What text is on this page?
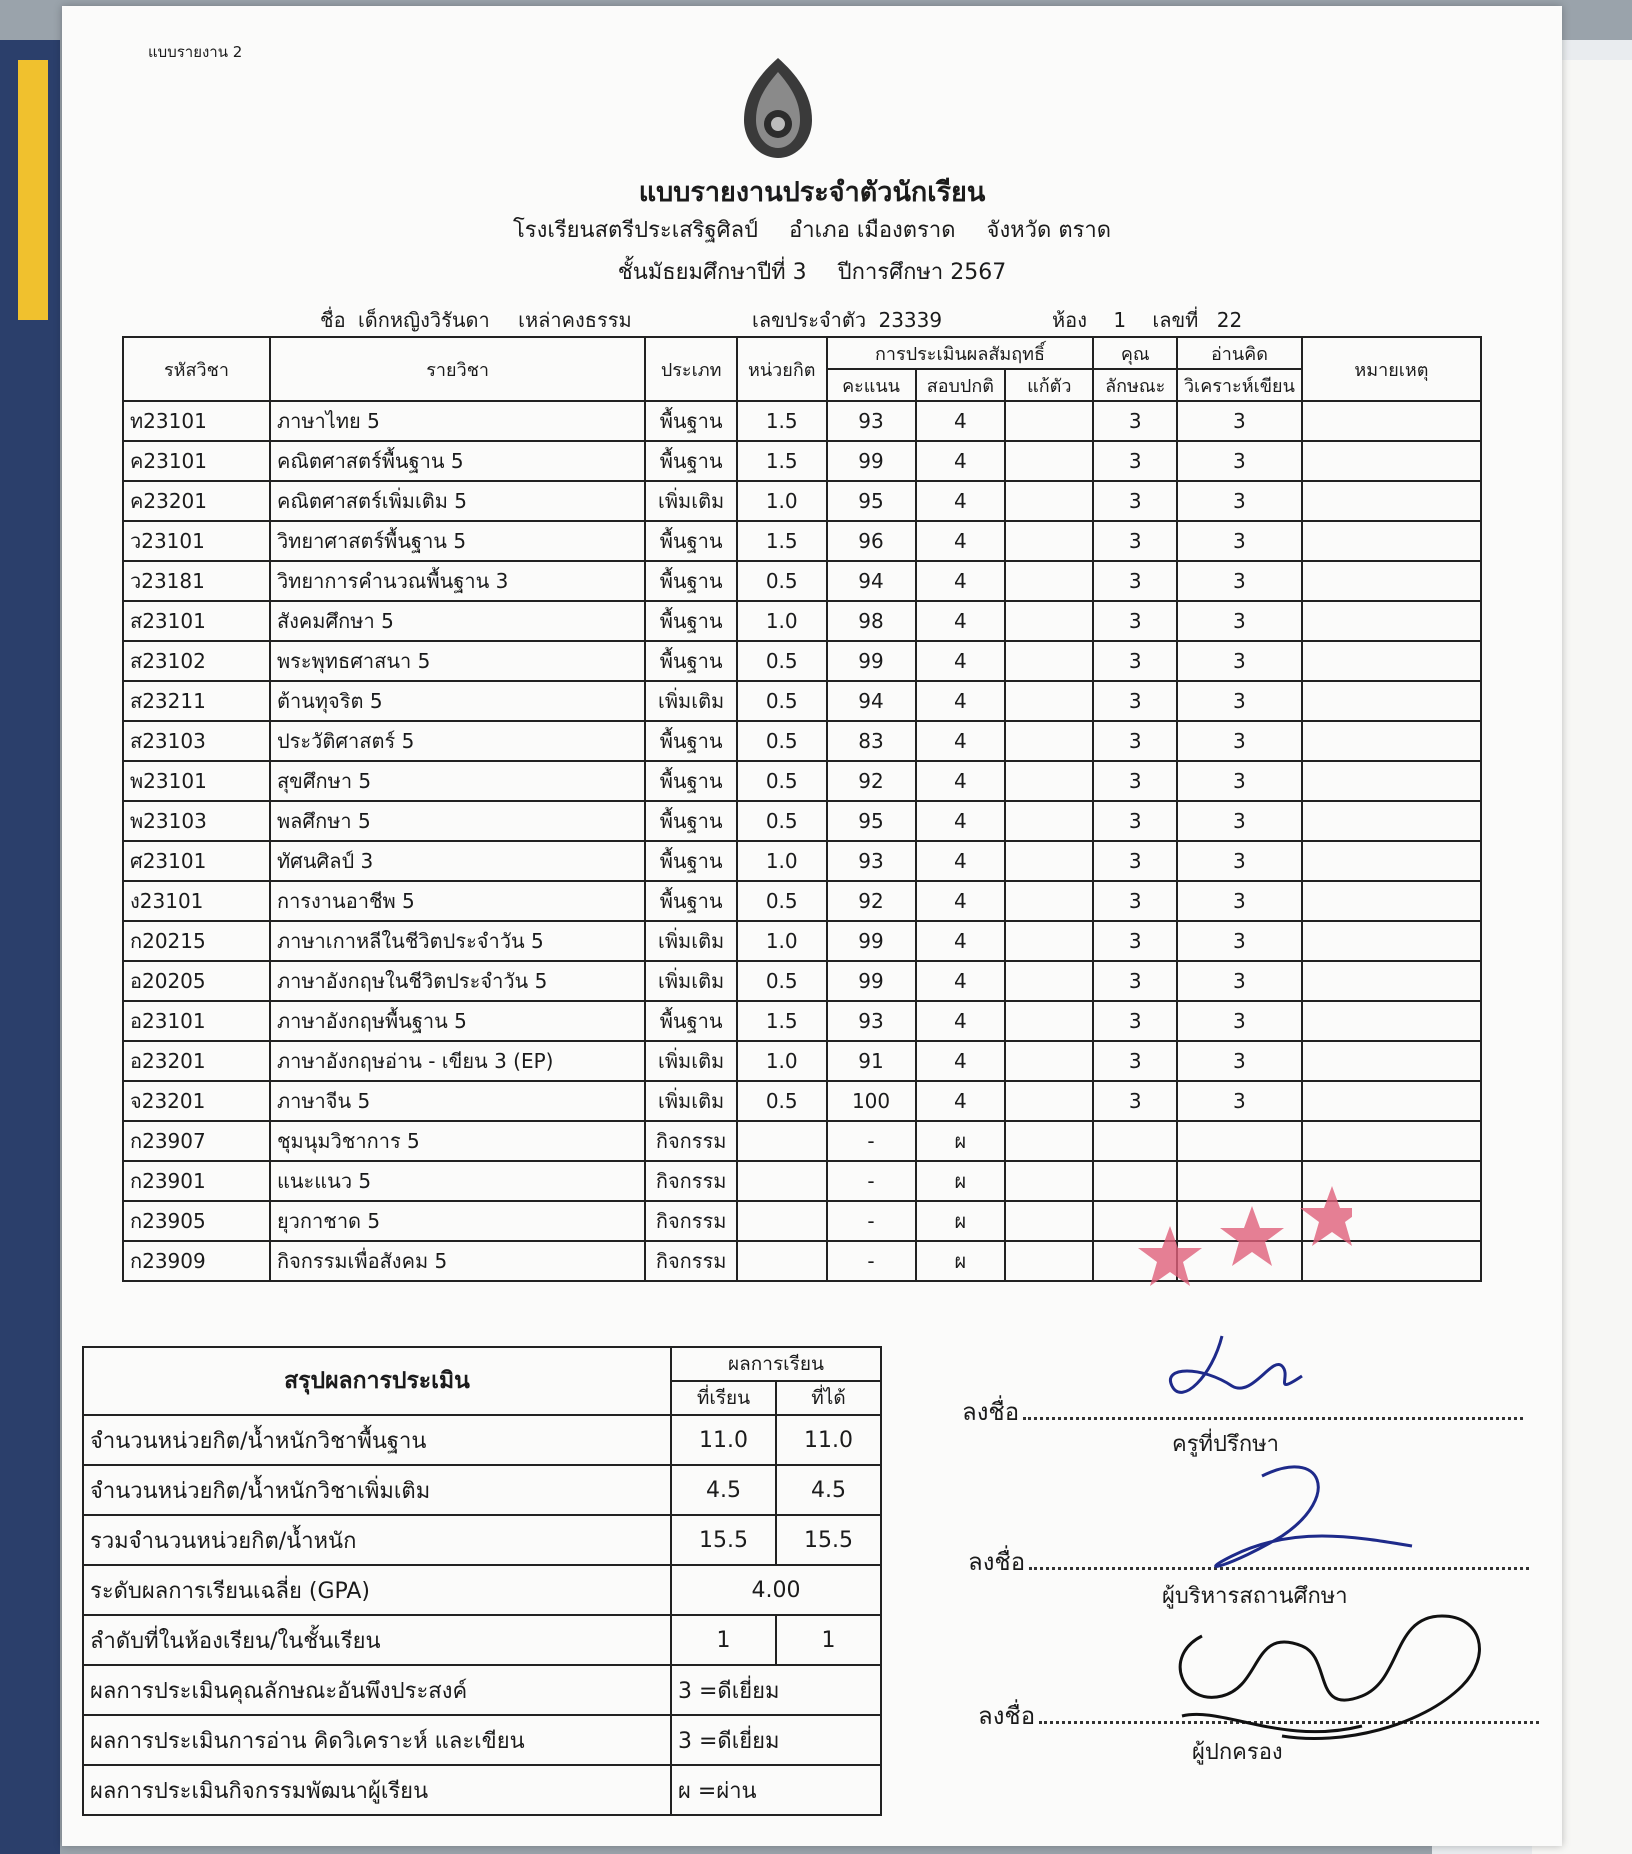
แบบรายงาน 2
แบบรายงานประจำตัวนักเรียน
โรงเรียนสตรีประเสริฐศิลป์ อำเภอ เมืองตราด จังหวัด ตราด
ชั้นมัธยมศึกษาปีที่ 3 ปีการศึกษา 2567
ชื่อ เด็กหญิงวิรันดา เหล่าคงธรรม	เลขประจำตัว 23339	ห้อง 1 เลขที่ 22
รหัสวิชา	รายวิชา	ประเภท	หน่วยกิต	การประเมินผลสัมฤทธิ์			คุณ	อ่านคิด	หมายเหตุ
				คะแนน	สอบปกติ	แก้ตัว	ลักษณะ	วิเคราะห์เขียน	
ท23101	ภาษาไทย 5	พื้นฐาน	1.5	93	4		3	3	
ค23101	คณิตศาสตร์พื้นฐาน 5	พื้นฐาน	1.5	99	4		3	3	
ค23201	คณิตศาสตร์เพิ่มเติม 5	เพิ่มเติม	1.0	95	4		3	3	
ว23101	วิทยาศาสตร์พื้นฐาน 5	พื้นฐาน	1.5	96	4		3	3	
ว23181	วิทยาการคำนวณพื้นฐาน 3	พื้นฐาน	0.5	94	4		3	3	
ส23101	สังคมศึกษา 5	พื้นฐาน	1.0	98	4		3	3	
ส23102	พระพุทธศาสนา 5	พื้นฐาน	0.5	99	4		3	3	
ส23211	ต้านทุจริต 5	เพิ่มเติม	0.5	94	4		3	3	
ส23103	ประวัติศาสตร์ 5	พื้นฐาน	0.5	83	4		3	3	
พ23101	สุขศึกษา 5	พื้นฐาน	0.5	92	4		3	3	
พ23103	พลศึกษา 5	พื้นฐาน	0.5	95	4		3	3	
ศ23101	ทัศนศิลป์ 3	พื้นฐาน	1.0	93	4		3	3	
ง23101	การงานอาชีพ 5	พื้นฐาน	0.5	92	4		3	3	
ก20215	ภาษาเกาหลีในชีวิตประจำวัน 5	เพิ่มเติม	1.0	99	4		3	3	
อ20205	ภาษาอังกฤษในชีวิตประจำวัน 5	เพิ่มเติม	0.5	99	4		3	3	
อ23101	ภาษาอังกฤษพื้นฐาน 5	พื้นฐาน	1.5	93	4		3	3	
อ23201	ภาษาอังกฤษอ่าน - เขียน 3 (EP)	เพิ่มเติม	1.0	91	4		3	3	
จ23201	ภาษาจีน 5	เพิ่มเติม	0.5	100	4		3	3	
ก23907	ชุมนุมวิชาการ 5	กิจกรรม		-	ผ				
ก23901	แนะแนว 5	กิจกรรม		-	ผ				
ก23905	ยุวกาชาด 5	กิจกรรม		-	ผ				
ก23909	กิจกรรมเพื่อสังคม 5	กิจกรรม		-	ผ				
สรุปผลการประเมิน	ผลการเรียน	
	ที่เรียน	ที่ได้
จำนวนหน่วยกิต/น้ำหนักวิชาพื้นฐาน	11.0	11.0
จำนวนหน่วยกิต/น้ำหนักวิชาเพิ่มเติม	4.5	4.5
รวมจำนวนหน่วยกิต/น้ำหนัก	15.5	15.5
ระดับผลการเรียนเฉลี่ย (GPA)	4.00	
ลำดับที่ในห้องเรียน/ในชั้นเรียน	1	1
ผลการประเมินคุณลักษณะอันพึงประสงค์	3 =ดีเยี่ยม	
ผลการประเมินการอ่าน คิดวิเคราะห์ และเขียน	3 =ดีเยี่ยม	
ผลการประเมินกิจกรรมพัฒนาผู้เรียน	ผ =ผ่าน	
ลงชื่อ
ครูที่ปรึกษา
ลงชื่อ
ผู้บริหารสถานศึกษา
ลงชื่อ
ผู้ปกครอง
